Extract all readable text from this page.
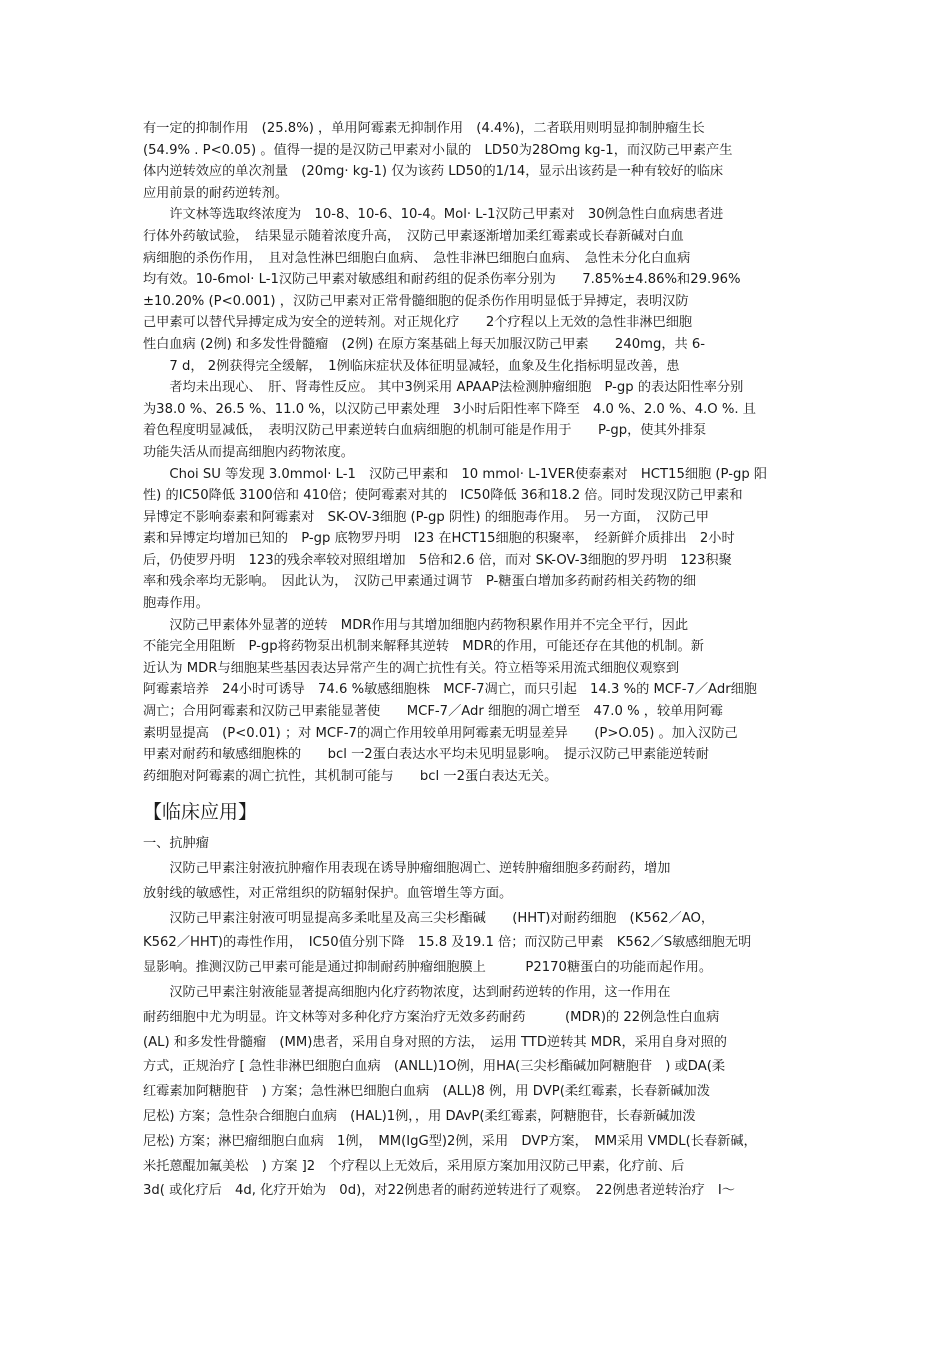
有一定的抑制作用　(25.8%) ，单用阿霉素无抑制作用　(4.4%)，二者联用则明显抑制肿瘤生长

(54.9% . P<0.05) 。值得一提的是汉防己甲素对小鼠的　LD50为28Omg kg-1，而汉防己甲素产生

体内逆转效应的单次剂量　(20mg· kg-1) 仅为该药 LD50的1/14，显示出该药是一种有较好的临床

应用前景的耐药逆转剂。

　　许文林等选取终浓度为　10-8、10-6、10-4。Mol· L-1汉防己甲素对　30例急性白血病患者进

行体外药敏试验，　结果显示随着浓度升高，　汉防己甲素逐渐增加柔红霉素或长春新碱对白血

病细胞的杀伤作用，　且对急性淋巴细胞白血病、　急性非淋巴细胞白血病、　急性未分化白血病

均有效。10-6mol· L-1汉防己甲素对敏感组和耐药组的促杀伤率分别为　　7.85%±4.86%和29.96%

±10.20% (P<0.001) ，汉防己甲素对正常骨髓细胞的促杀伤作用明显低于异搏定，表明汉防

己甲素可以替代异搏定成为安全的逆转剂。对正规化疗　　2个疗程以上无效的急性非淋巴细胞

性白血病 (2例) 和多发性骨髓瘤　(2例) 在原方案基础上每天加服汉防己甲素　　240mg，共 6-

　　7 d， 2例获得完全缓解，　1例临床症状及体征明显减轻，血象及生化指标明显改善，患

　　者均未出现心、　肝、肾毒性反应。 其中3例采用 APAAP法检测肿瘤细胞　P-gp 的表达阳性率分别

为38.0 %、26.5 %、11.0 %，以汉防己甲素处理　3小时后阳性率下降至　4.0 %、2.0 %、4.O %. 且

着色程度明显减低，　表明汉防己甲素逆转白血病细胞的机制可能是作用于　　P-gp，使其外排泵

功能失活从而提高细胞内药物浓度。

　　Choi SU 等发现 3.0mmol· L-1　汉防己甲素和　10 mmol· L-1VER使泰素对　HCT15细胞 (P-gp 阳

性) 的IC50降低 3100倍和 410倍；使阿霉素对其的　IC50降低 36和18.2 倍。同时发现汉防己甲素和

异博定不影响泰素和阿霉素对　SK-OV-3细胞 (P-gp 阴性) 的细胞毒作用。　另一方面，　汉防己甲

素和异博定均增加已知的　P-gp 底物罗丹明　l23 在HCT15细胞的积聚率，　经新鲜介质排出　2小时

后，仍使罗丹明　123的残余率较对照组增加　5倍和2.6 倍，而对 SK-OV-3细胞的罗丹明　123积聚

率和残余率均无影响。　因此认为，　汉防己甲素通过调节　P-糖蛋白增加多药耐药相关药物的细

胞毒作用。

　　汉防己甲素体外显著的逆转　MDR作用与其增加细胞内药物积累作用并不完全平行，因此

不能完全用阻断　P-gp将药物泵出机制来解释其逆转　MDR的作用，可能还存在其他的机制。新

近认为 MDR与细胞某些基因表达异常产生的凋亡抗性有关。符立梧等采用流式细胞仪观察到

阿霉素培养　24小时可诱导　74.6 %敏感细胞株　MCF-7凋亡，而只引起　14.3 %的 MCF-7／Adr细胞

凋亡；合用阿霉素和汉防己甲素能显著使　　MCF-7／Adr 细胞的凋亡增至　47.0 % ，较单用阿霉

素明显提高　(P<0.01) ；对 MCF-7的凋亡作用较单用阿霉素无明显差异　　(P>O.05) 。加入汉防己

甲素对耐药和敏感细胞株的　　bcl 一2蛋白表达水平均未见明显影响。　提示汉防己甲素能逆转耐

药细胞对阿霉素的凋亡抗性，其机制可能与　　bcl 一2蛋白表达无关。

【临床应用】
一、抗肿瘤

　　汉防己甲素注射液抗肿瘤作用表现在诱导肿瘤细胞凋亡、逆转肿瘤细胞多药耐药，增加

放射线的敏感性，对正常组织的防辐射保护。血管增生等方面。

　　汉防己甲素注射液可明显提高多柔吡星及高三尖杉酯碱　　(HHT)对耐药细胞　(K562／AO，

K562／HHT)的毒性作用，　IC50值分别下降　15.8 及19.1 倍；而汉防己甲素　K562／S敏感细胞无明

显影响。推测汉防己甲素可能是通过抑制耐药肿瘤细胞膜上　　　P2170糖蛋白的功能而起作用。

　　汉防己甲素注射液能显著提高细胞内化疗药物浓度，达到耐药逆转的作用，这一作用在

耐药细胞中尤为明显。许文林等对多种化疗方案治疗无效多药耐药　　　(MDR)的 22例急性白血病

(AL) 和多发性骨髓瘤　(MM)患者，采用自身对照的方法，　运用 TTD逆转其 MDR，采用自身对照的

方式，正规治疗 [ 急性非淋巴细胞白血病　(ANLL)1O例，用HA(三尖杉酯碱加阿糖胞苷　) 或DA(柔

红霉素加阿糖胞苷　) 方案；急性淋巴细胞白血病　(ALL)8 例，用 DVP(柔红霉素，长春新碱加泼

尼松) 方案；急性杂合细胞白血病　(HAL)1例，，用 DAvP(柔红霉素，阿糖胞苷，长春新碱加泼

尼松) 方案；淋巴瘤细胞白血病　1例，　MM(IgG型)2例，采用　DVP方案，　MM采用 VMDL(长春新碱，

米托蒽醌加氟美松　) 方案 ]2　个疗程以上无效后，采用原方案加用汉防己甲素，化疗前、后

3d( 或化疗后　4d, 化疗开始为　0d)，对22例患者的耐药逆转进行了观察。　22例患者逆转治疗　I～
